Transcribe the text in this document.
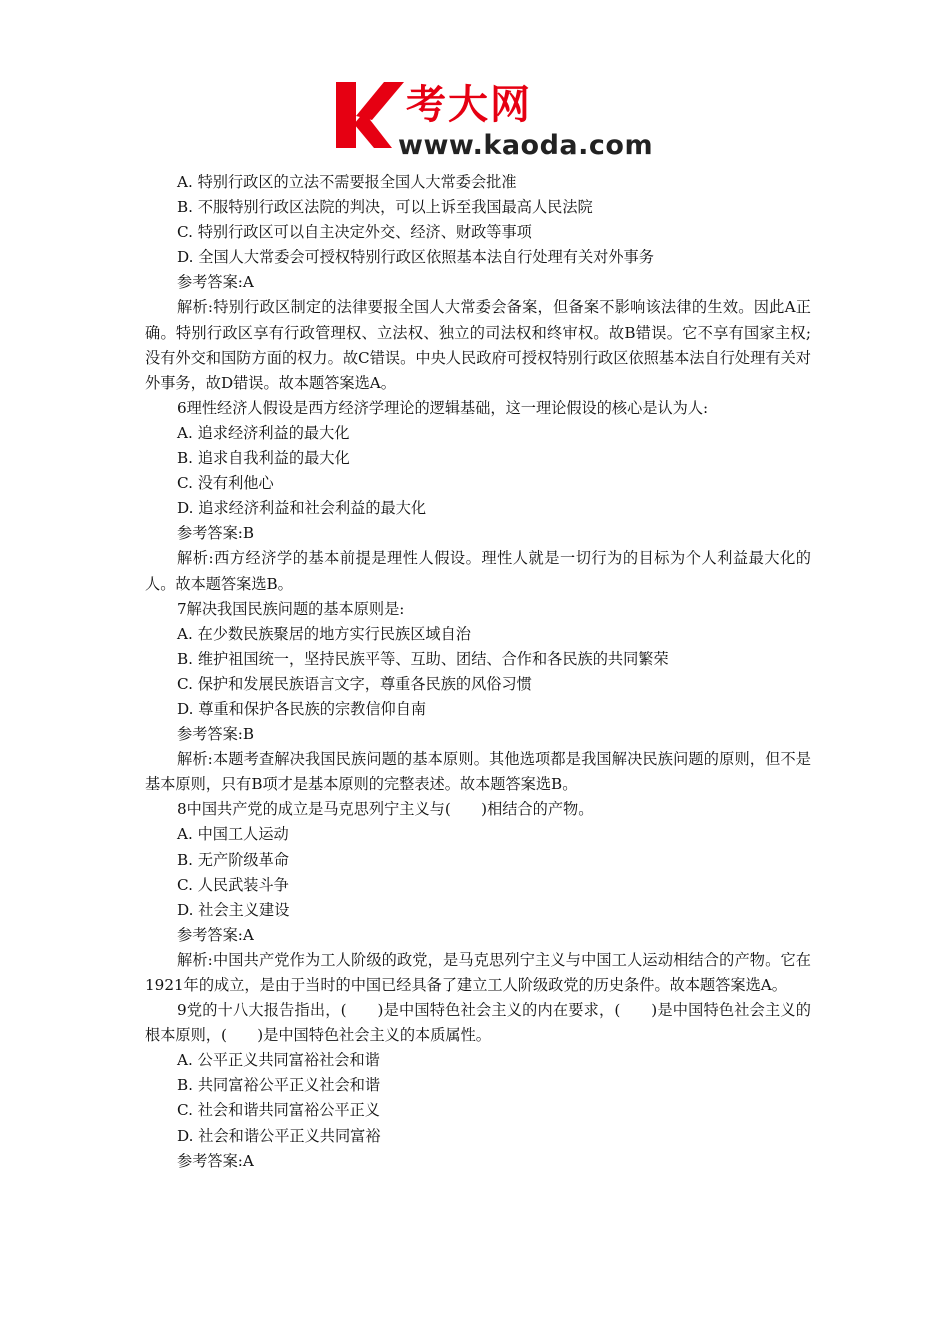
考大网
www.kaoda.com
A. 特别行政区的立法不需要报全国人大常委会批准
B. 不服特别行政区法院的判决，可以上诉至我国最高人民法院
C. 特别行政区可以自主决定外交、经济、财政等事项
D. 全国人大常委会可授权特别行政区依照基本法自行处理有关对外事务
参考答案:A
解析:特别行政区制定的法律要报全国人大常委会备案，但备案不影响该法律的生效。因此A正确。特别行政区享有行政管理权、立法权、独立的司法权和终审权。故B错误。它不享有国家主权;没有外交和国防方面的权力。故C错误。中央人民政府可授权特别行政区依照基本法自行处理有关对外事务，故D错误。故本题答案选A。
6理性经济人假设是西方经济学理论的逻辑基础，这一理论假设的核心是认为人:
A. 追求经济利益的最大化
B. 追求自我利益的最大化
C. 没有利他心
D. 追求经济利益和社会利益的最大化
参考答案:B
解析:西方经济学的基本前提是理性人假设。理性人就是一切行为的目标为个人利益最大化的人。故本题答案选B。
7解决我国民族问题的基本原则是:
A. 在少数民族聚居的地方实行民族区域自治
B. 维护祖国统一，坚持民族平等、互助、团结、合作和各民族的共同繁荣
C. 保护和发展民族语言文字，尊重各民族的风俗习惯
D. 尊重和保护各民族的宗教信仰自南
参考答案:B
解析:本题考查解决我国民族问题的基本原则。其他选项都是我国解决民族问题的原则，但不是基本原则，只有B项才是基本原则的完整表述。故本题答案选B。
8中国共产党的成立是马克思列宁主义与(　　)相结合的产物。
A. 中国工人运动
B. 无产阶级革命
C. 人民武装斗争
D. 社会主义建设
参考答案:A
解析:中国共产党作为工人阶级的政党，是马克思列宁主义与中国工人运动相结合的产物。它在1921年的成立，是由于当时的中国已经具备了建立工人阶级政党的历史条件。故本题答案选A。
9党的十八大报告指出，(　　)是中国特色社会主义的内在要求，(　　)是中国特色社会主义的根本原则，(　　)是中国特色社会主义的本质属性。
A. 公平正义共同富裕社会和谐
B. 共同富裕公平正义社会和谐
C. 社会和谐共同富裕公平正义
D. 社会和谐公平正义共同富裕
参考答案:A
